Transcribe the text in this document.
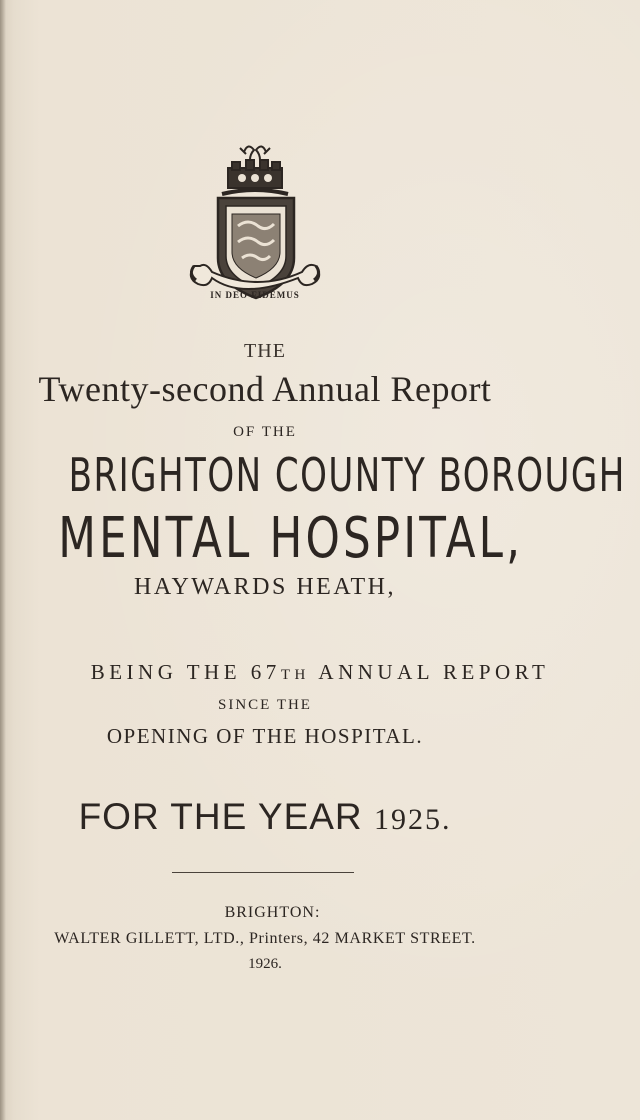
IN DEO FIDEMUS
THE
Twenty-second Annual Report
OF THE
BRIGHTON COUNTY BOROUGH
MENTAL HOSPITAL,
HAYWARDS HEATH,
BEING THE 67TH ANNUAL REPORT
SINCE THE
OPENING OF THE HOSPITAL.
FOR THE YEAR 1925.
BRIGHTON:
WALTER GILLETT, LTD., Printers, 42 MARKET STREET.
1926.
